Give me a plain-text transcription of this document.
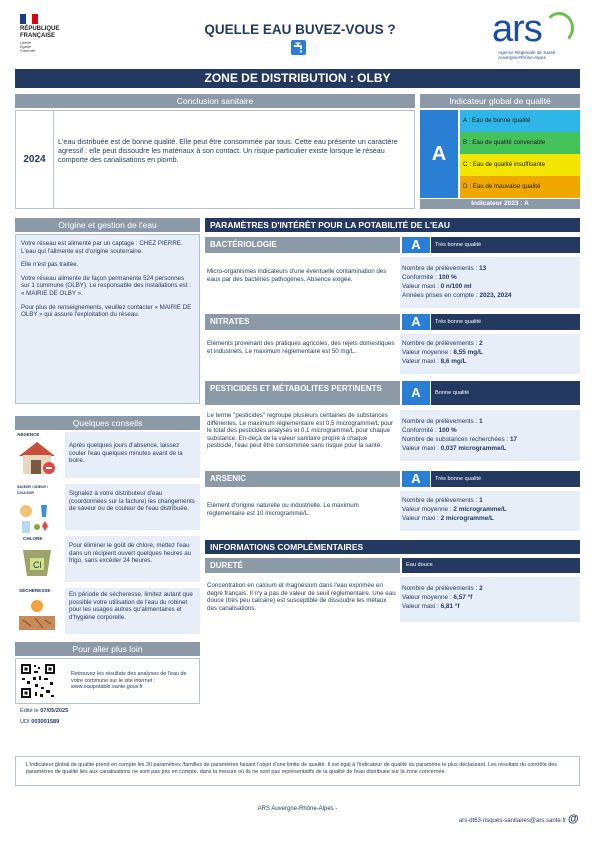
RÉPUBLIQUE
FRANÇAISE
Liberté
Égalité
Fraternité
QUELLE EAU BUVEZ-VOUS ?	ars
Agence Régionale de Santé
Auvergne-Rhône-Alpes
ZONE DE DISTRIBUTION : OLBY
Conclusion sanitaire
2024
L'eau distribuée est de bonne qualité. Elle peut être consommée par tous. Cette eau présente un caractère agressif : elle peut dissoudre les matériaux à son contact. Un risque particulier existe lorsque le réseau comporte des canalisations en plomb.
Indicateur global de qualité
A
A : Eau de bonne qualité
B : Eau de qualité convenable
C : Eau de qualité insuffisante
D : Eau de mauvaise qualité
Indicateur 2023 : A
Origine et gestion de l'eau

Votre réseau est alimenté par un captage : CHEZ PIERRE. L'eau qui l'alimente est d'origine souterraine.

Elle n'est pas traitée.

Votre réseau alimente de façon permanente 524 personnes sur 1 commune (OLBY). Le responsable des installations est : « MAIRIE DE OLBY ».

Pour plus de renseignements, veuillez contacter « MAIRIE DE OLBY » qui assure l'exploitation du réseau.

Quelques conseils
ABSENCE
Après quelques jours d'absence, laissez couler l'eau quelques minutes avant de la boire.
SAVEUR / ODEUR / COULEUR	Signalez à votre distributeur d'eau (coordonnées sur la facture) les changements de saveur ou de couleur de l'eau distribuée.
CHLORE
Cl
Pour éliminer le goût de chlore, mettez l'eau dans un récipient ouvert quelques heures au frigo, sans excéder 24 heures.
SÉCHERESSE
En période de sécheresse, limitez autant que possible votre utilisation de l'eau du robinet pour les usages autres qu'alimentaires et d'hygiène corporelle.
Pour aller plus loin
Retrouvez les résultats des analyses de l'eau de votre commune sur le site internet : www.eaupotable.sante.gouv.fr
Édité le 07/05/2025
UDI 003001589
PARAMÈTRES D'INTÉRÊT POUR LA POTABILITÉ DE L'EAU
BACTÉRIOLOGIE	A	Très bonne qualité
Micro-organismes indicateurs d'une éventuelle contamination des eaux par des bactéries pathogènes. Absence exigée.
Nombre de prélèvements : 13
Conformité : 100 %
Valeur maxi : 0 n/100 ml
Années prises en compte : 2023, 2024
NITRATES	A	Très bonne qualité
Eléments provenant des pratiques agricoles, des rejets domestiques et industriels. Le maximum réglementaire est 50 mg/L.
Nombre de prélèvements : 2
Valeur moyenne : 8,55 mg/L
Valeur maxi : 8,6 mg/L
PESTICIDES ET MÉTABOLITES PERTINENTS	A	Bonne qualité
Le terme "pesticides" regroupe plusieurs centaines de substances différentes. Le maximum réglementaire est 0,5 microgramme/L pour le total des pesticides analysés et 0,1 microgramme/L pour chaque substance. En-deçà de la valeur sanitaire propre à chaque pesticide, l'eau peut être consommée sans risque pour la santé.
Nombre de prélèvements : 1
Conformité : 100 %
Nombre de substances recherchées : 17
Valeur maxi : 0,037 microgramme/L
ARSENIC	A	Très bonne qualité
Elément d'origine naturelle ou industrielle. Le maximum réglementaire est 10 microgramme/L.
Nombre de prélèvements : 1
Valeur moyenne : 2 microgramme/L
Valeur maxi : 2 microgramme/L
INFORMATIONS COMPLÉMENTAIRES
DURETÉ	Eau douce
Concentration en calcium et magnésium dans l'eau exprimée en degré français. Il n'y a pas de valeur de seuil réglementaire. Une eau douce (très peu calcaire) est susceptible de dissoudre les métaux des canalisations.
Nombre de prélèvements : 2
Valeur moyenne : 6,57 °f
Valeur maxi : 6,81 °f

L'indicateur global de qualité prend en compte les 30 paramètres /familles de paramètres faisant l'objet d'une limite de qualité. Il est égal à l'indicateur de qualité du paramètre le plus déclassant. Les résultats du contrôle des paramètres de qualité liés aux canalisations ne sont pas pris en compte, dans la mesure où ils ne sont pas représentatifs de la qualité de l'eau distribuée sur la zone concernée.

ARS Auvergne-Rhône-Alpes -
ars-dt63-risques-sanitaires@ars.sante.fr @
